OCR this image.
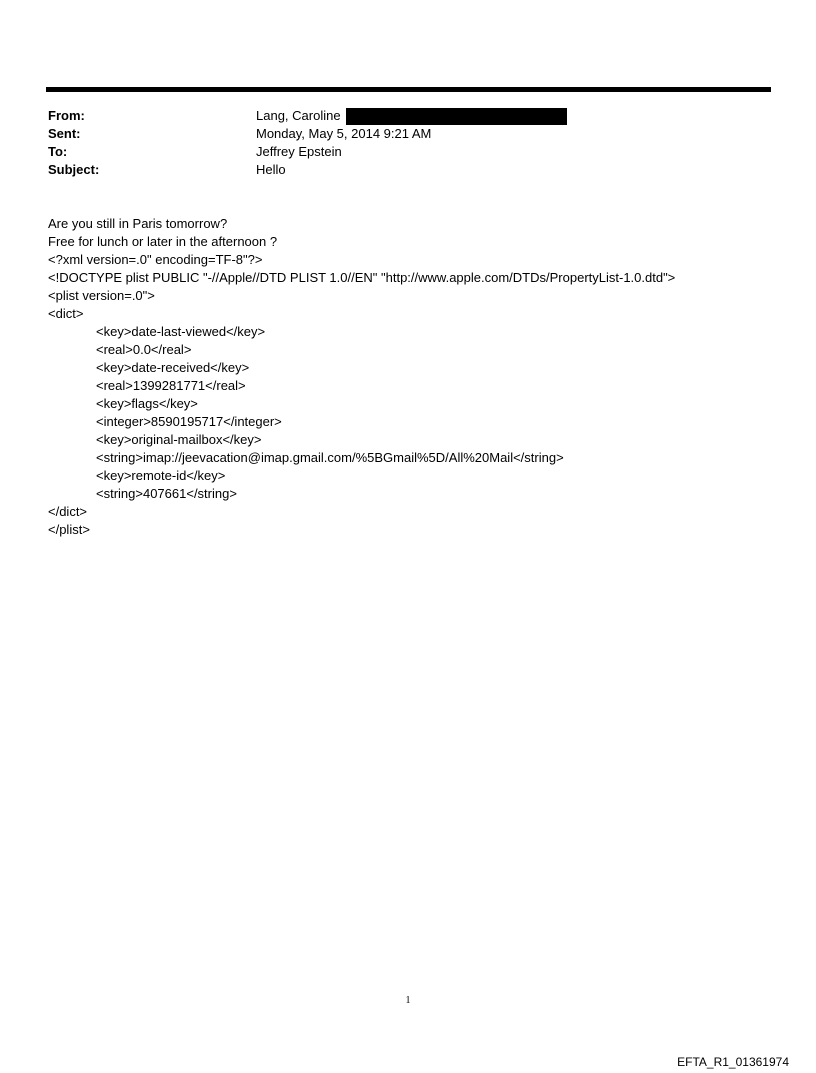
From:	Lang, Caroline
Sent:	Monday, May 5, 2014 9:21 AM
To:	Jeffrey Epstein
Subject:	Hello
Are you still in Paris tomorrow?
Free for lunch or later in the afternoon ?
<?xml version=.0" encoding=TF-8"?>
<!DOCTYPE plist PUBLIC "-//Apple//DTD PLIST 1.0//EN" "http://www.apple.com/DTDs/PropertyList-1.0.dtd">
<plist version=.0">
<dict>
<key>date-last-viewed</key>
<real>0.0</real>
<key>date-received</key>
<real>1399281771</real>
<key>flags</key>
<integer>8590195717</integer>
<key>original-mailbox</key>
<string>imap://jeevacation@imap.gmail.com/%5BGmail%5D/All%20Mail</string>
<key>remote-id</key>
<string>407661</string>
</dict>
</plist>
1
EFTA_R1_01361974
